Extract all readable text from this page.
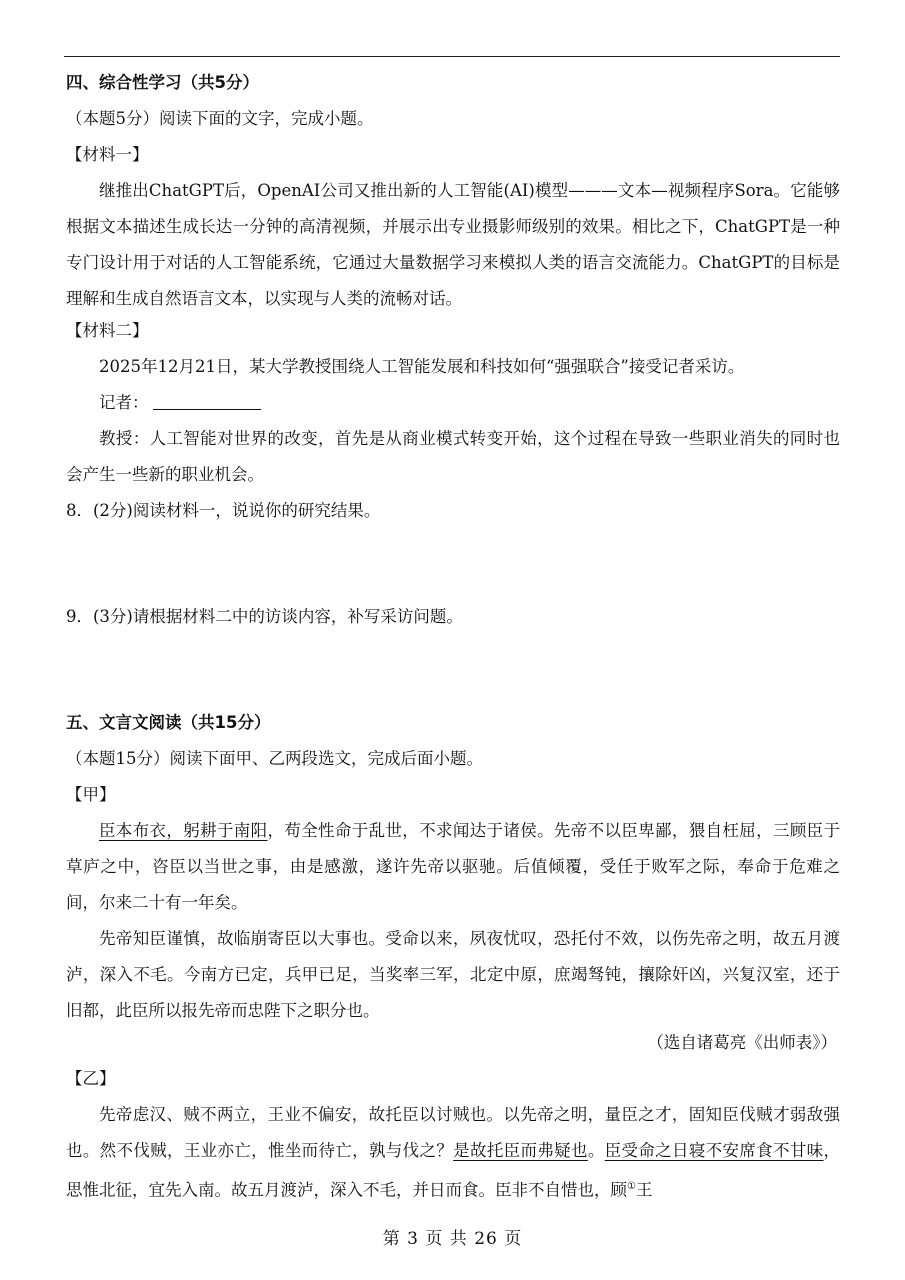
四、综合性学习（共5分）
（本题5分）阅读下面的文字，完成小题。
【材料一】
继推出ChatGPT后，OpenAI公司又推出新的人工智能(AI)模型———文本—视频程序Sora。它能够根据文本描述生成长达一分钟的高清视频，并展示出专业摄影师级别的效果。相比之下，ChatGPT是一种专门设计用于对话的人工智能系统，它通过大量数据学习来模拟人类的语言交流能力。ChatGPT的目标是理解和生成自然语言文本，以实现与人类的流畅对话。
【材料二】
2025年12月21日，某大学教授围绕人工智能发展和科技如何“强强联合”接受记者采访。
记者：
教授：人工智能对世界的改变，首先是从商业模式转变开始，这个过程在导致一些职业消失的同时也会产生一些新的职业机会。
8．(2分)阅读材料一，说说你的研究结果。
9．(3分)请根据材料二中的访谈内容，补写采访问题。
五、文言文阅读（共15分）
（本题15分）阅读下面甲、乙两段选文，完成后面小题。
【甲】
臣本布衣，躬耕于南阳，苟全性命于乱世，不求闻达于诸侯。先帝不以臣卑鄙，猥自枉屈，三顾臣于草庐之中，咨臣以当世之事，由是感激，遂许先帝以驱驰。后值倾覆，受任于败军之际，奉命于危难之间，尔来二十有一年矣。
先帝知臣谨慎，故临崩寄臣以大事也。受命以来，夙夜忧叹，恐托付不效，以伤先帝之明，故五月渡泸，深入不毛。今南方已定，兵甲已足，当奖率三军，北定中原，庶竭驽钝，攘除奸凶，兴复汉室，还于旧都，此臣所以报先帝而忠陛下之职分也。
（选自诸葛亮《出师表》）
【乙】
先帝虑汉、贼不两立，王业不偏安，故托臣以讨贼也。以先帝之明，量臣之才，固知臣伐贼才弱敌强也。然不伐贼，王业亦亡，惟坐而待亡，孰与伐之？是故托臣而弗疑也。臣受命之日寝不安席食不甘味，思惟北征，宜先入南。故五月渡泸，深入不毛，并日而食。臣非不自惜也，顾①王
第 3 页 共 26 页
